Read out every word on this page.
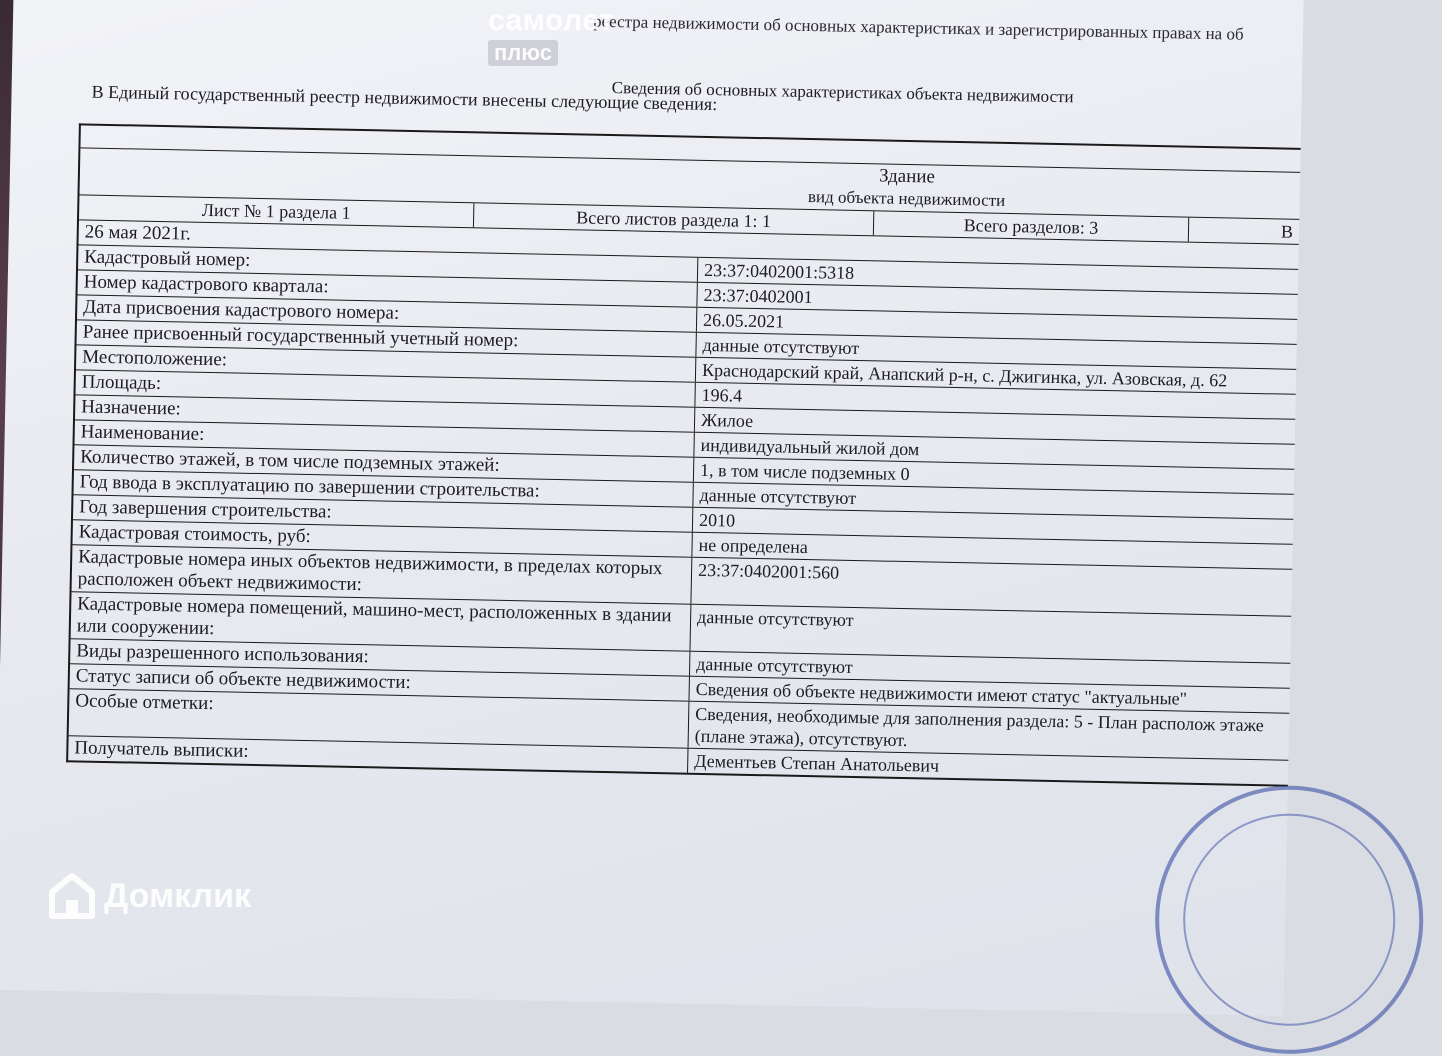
реестра недвижимости об основных характеристиках и зарегистрированных правах на об
Сведения об основных характеристиках объекта недвижимости
В Единый государственный реестр недвижимости внесены следующие сведения:
Здание
вид объекта недвижимости
Лист № 1 раздела 1	Всего листов раздела 1: 1	Всего разделов: 3	В
26 мая 2021г.
Кадастровый номер:
23:37:0402001:5318
Номер кадастрового квартала:	23:37:0402001
Дата присвоения кадастрового номера:	26.05.2021
Ранее присвоенный государственный учетный номер:	данные отсутствуют
Местоположение:
Краснодарский край, Анапский р-н, с. Джигинка, ул. Азовская, д. 62
Площадь:
196.4
Назначение:
Жилое
Наименование:
индивидуальный жилой дом
Количество этажей, в том числе подземных этажей:	1, в том числе подземных 0
Год ввода в эксплуатацию по завершении строительства:	данные отсутствуют
Год завершения строительства:	2010
Кадастровая стоимость, руб:	не определена
Кадастровые номера иных объектов недвижимости, в пределах которых расположен объект недвижимости:	23:37:0402001:560
Кадастровые номера помещений, машино-мест, расположенных в здании или сооружении:	данные отсутствуют
Виды разрешенного использования:	данные отсутствуют
Статус записи об объекте недвижимости:	Сведения об объекте недвижимости имеют статус "актуальные"
Особые отметки:
Сведения, необходимые для заполнения раздела: 5 - План располож этаже (плане этажа), отсутствуют.
Получатель выписки:
Дементьев Степан Анатольевич
самолет
плюс
Домклик
